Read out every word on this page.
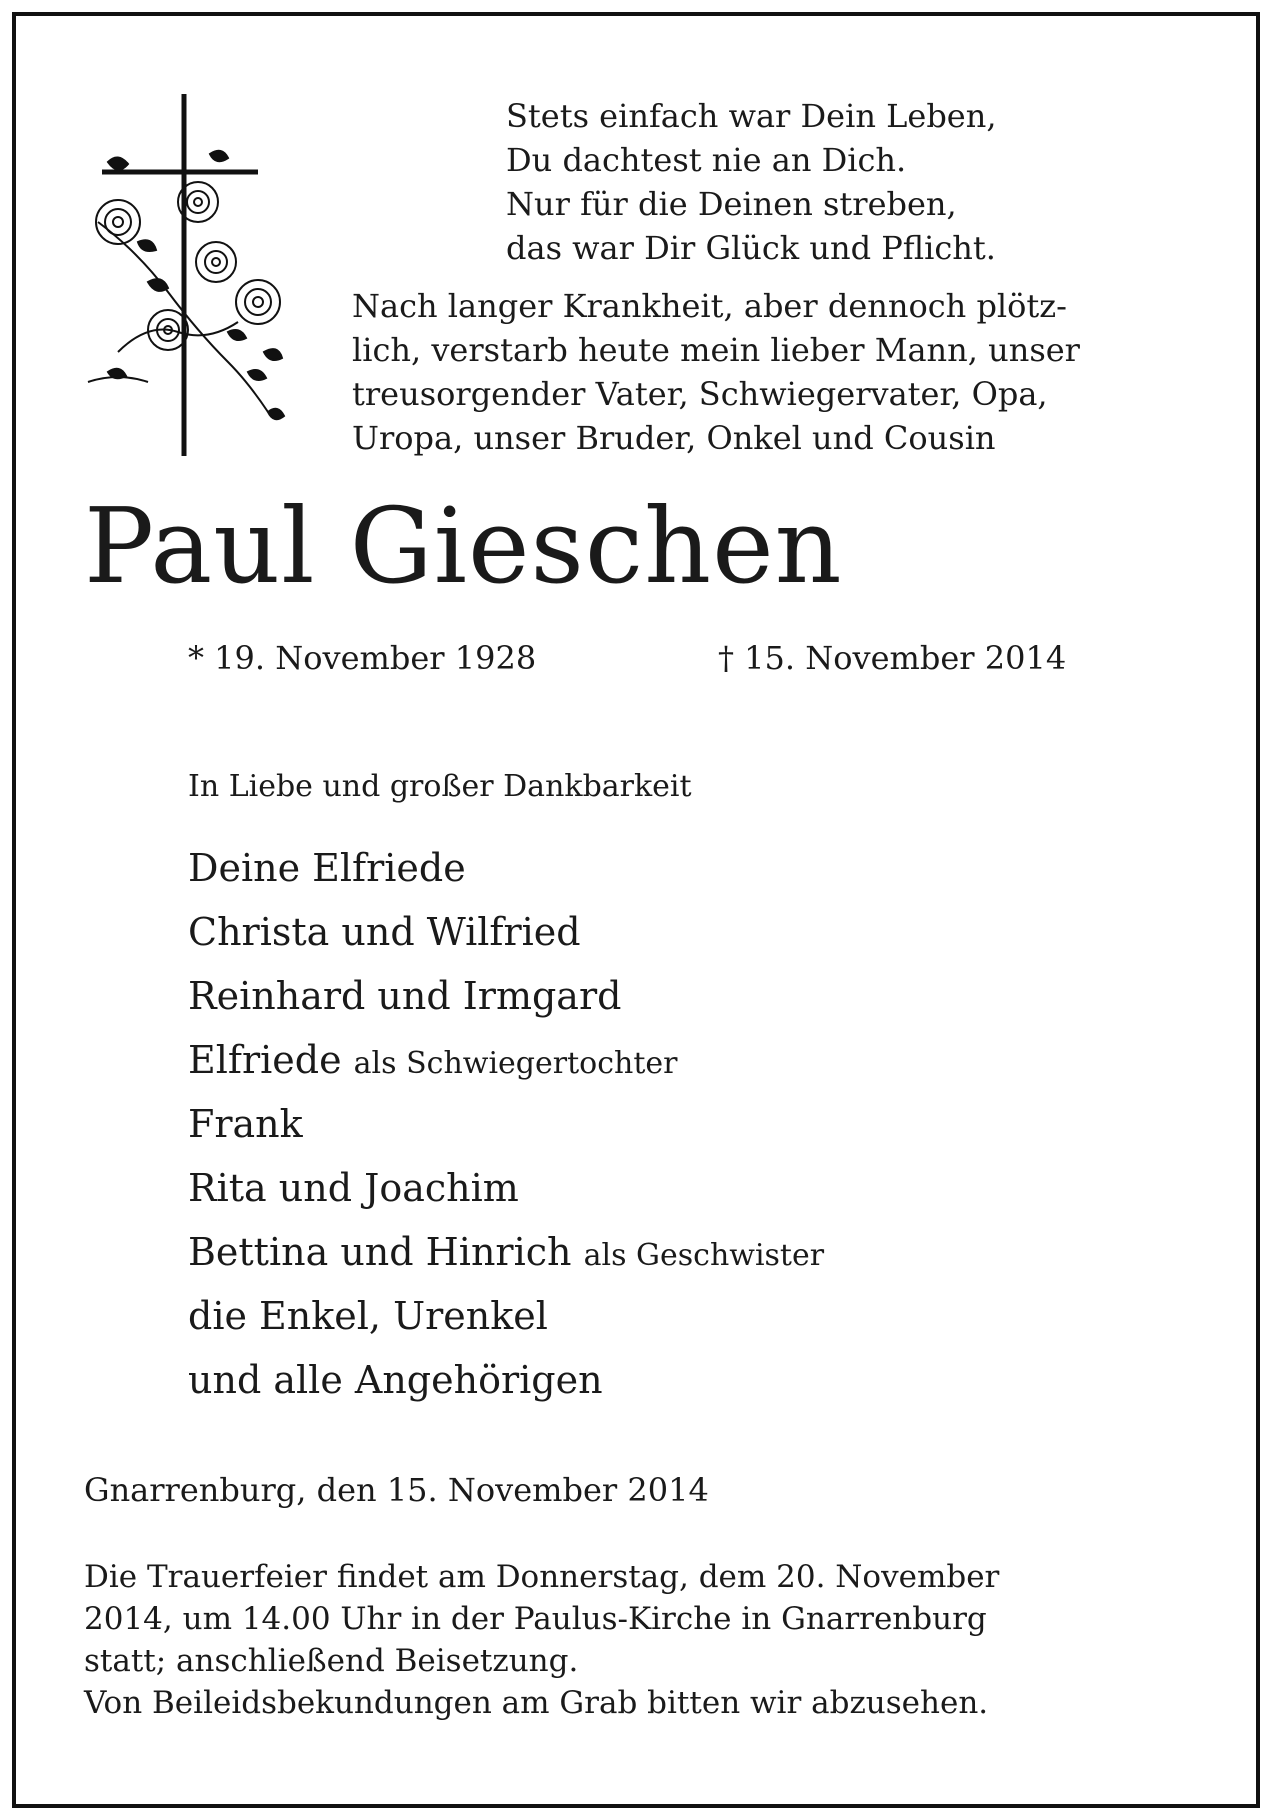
Stets einfach war Dein Leben,
Du dachtest nie an Dich.
Nur für die Deinen streben,
das war Dir Glück und Pflicht.
Nach langer Krankheit, aber dennoch plötz-
lich, verstarb heute mein lieber Mann, unser
treusorgender Vater, Schwiegervater, Opa,
Uropa, unser Bruder, Onkel und Cousin
Paul Gieschen
* 19. November 1928	† 15. November 2014
In Liebe und großer Dankbarkeit
Deine Elfriede
Christa und Wilfried
Reinhard und Irmgard
Elfriede als Schwiegertochter
Frank
Rita und Joachim
Bettina und Hinrich als Geschwister
die Enkel, Urenkel
und alle Angehörigen
Gnarrenburg, den 15. November 2014
Die Trauerfeier findet am Donnerstag, dem 20. November
2014, um 14.00 Uhr in der Paulus-Kirche in Gnarrenburg
statt; anschließend Beisetzung.
Von Beileidsbekundungen am Grab bitten wir abzusehen.
